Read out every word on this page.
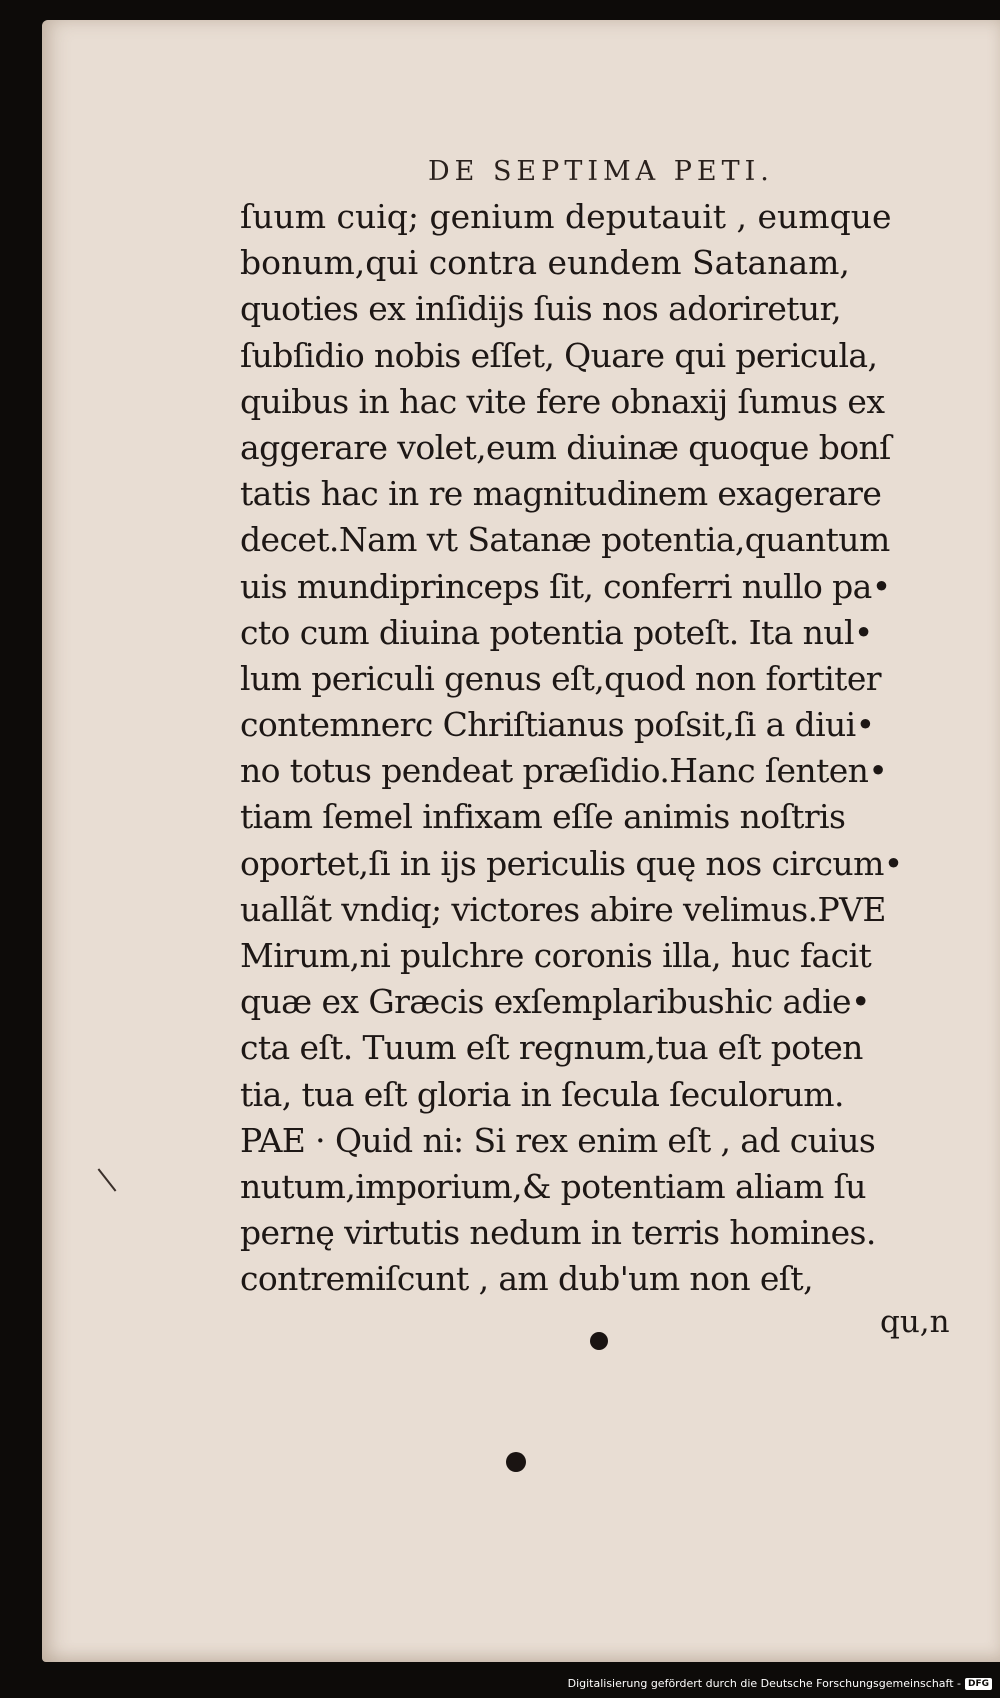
DE SEPTIMA PETI.
ſuum cuiq; genium deputauit , eumque
bonum,qui contra eundem Satanam,
quoties ex inſidijs ſuis nos adoriretur,
ſubſidio nobis eſſet, Quare qui pericula,
quibus in hac vite fere obnaxij ſumus ex
aggerare volet,eum diuinæ quoque bonſ
tatis hac in re magnitudinem exagerare
decet.Nam vt Satanæ potentia,quantum
uis mundiprinceps ſit, conferri nullo pa•
cto cum diuina potentia poteſt. Ita nul•
lum periculi genus eſt,quod non fortiter
contemnerc Chriſtianus poſsit,ſi a diui•
no totus pendeat præſidio.Hanc ſenten•
tiam ſemel infixam eſſe animis noſtris
oportet,ſi in ijs periculis quę nos circum•
uallãt vndiq; victores abire velimus.PVE
Mirum,ni pulchre coronis illa, huc facit
quæ ex Græcis exſemplaribushic adie•
cta eſt. Tuum eſt regnum,tua eſt poten
tia, tua eſt gloria in ſecula ſeculorum.
PAE · Quid ni: Si rex enim eſt , ad cuius
nutum,imporium,& potentiam aliam ſu
pernę virtutis nedum in terris homines.
contremiſcunt , am dub'um non eſt,
qu,n
Digitalisierung gefördert durch die Deutsche Forschungsgemeinschaft - DFG
